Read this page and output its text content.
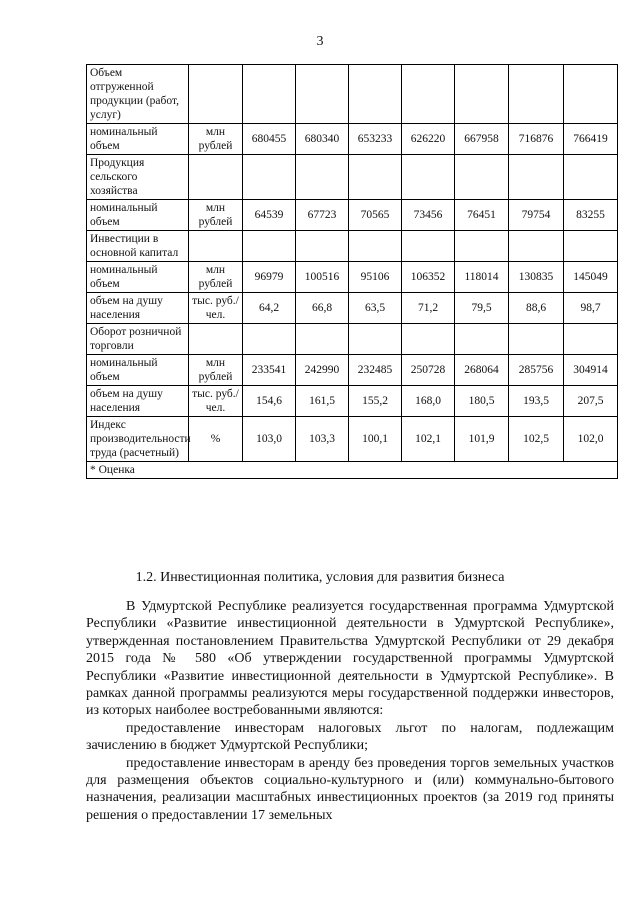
3
Объем отгруженной продукции (работ, услуг)								
номинальный объем	млн рублей	680455	680340	653233	626220	667958	716876	766419
Продукция сельского хозяйства								
номинальный объем	млн рублей	64539	67723	70565	73456	76451	79754	83255
Инвестиции в основной капитал								
номинальный объем	млн рублей	96979	100516	95106	106352	118014	130835	145049
объем на душу населения	тыс. руб./чел.	64,2	66,8	63,5	71,2	79,5	88,6	98,7
Оборот розничной торговли								
номинальный объем	млн рублей	233541	242990	232485	250728	268064	285756	304914
объем на душу населения	тыс. руб./чел.	154,6	161,5	155,2	168,0	180,5	193,5	207,5
Индекс производительности труда (расчетный)	%	103,0	103,3	100,1	102,1	101,9	102,5	102,0
* Оценка								
1.2. Инвестиционная политика, условия для развития бизнеса

В Удмуртской Республике реализуется государственная программа Удмуртской Республики «Развитие инвестиционной деятельности в Удмуртской Республике», утвержденная постановлением Правительства Удмуртской Республики от 29 декабря 2015 года № 580 «Об утверждении государственной программы Удмуртской Республики «Развитие инвестиционной деятельности в Удмуртской Республике». В рамках данной программы реализуются меры государственной поддержки инвесторов, из которых наиболее востребованными являются:

предоставление инвесторам налоговых льгот по налогам, подлежащим зачислению в бюджет Удмуртской Республики;

предоставление инвесторам в аренду без проведения торгов земельных участков для размещения объектов социально-культурного и (или) коммунально-бытового назначения, реализации масштабных инвестиционных проектов (за 2019 год приняты решения о предоставлении 17 земельных
